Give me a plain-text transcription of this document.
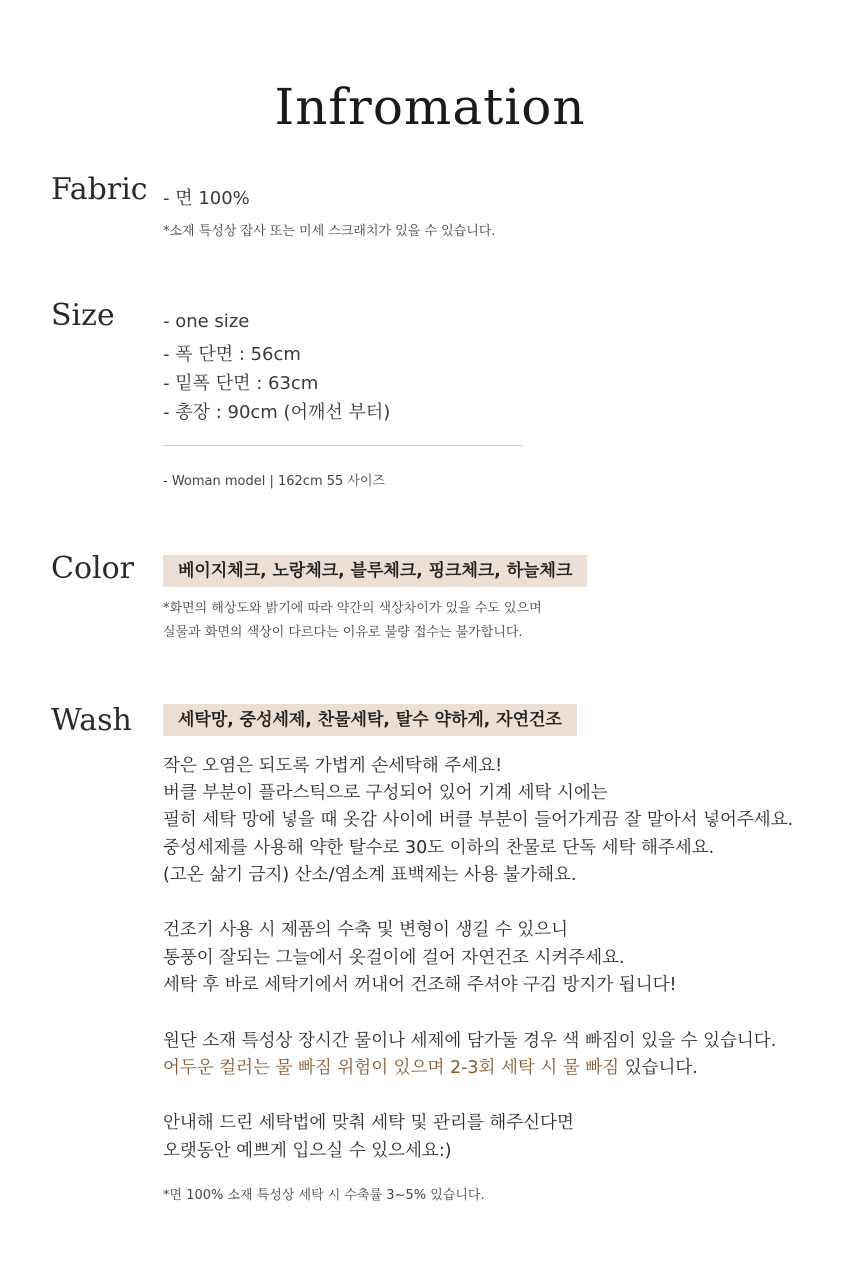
Infromation
Fabric - 면 100%
*소재 특성상 잡사 또는 미세 스크래치가 있을 수 있습니다.
Size	- one size
- 폭 단면 : 56cm
- 밑폭 단면 : 63cm
- 총장 : 90cm (어깨선 부터)
- Woman model | 162cm 55 사이즈
Color	베이지체크, 노랑체크, 블루체크, 핑크체크, 하늘체크
*화면의 해상도와 밝기에 따라 약간의 색상차이가 있을 수도 있으며
실물과 화면의 색상이 다르다는 이유로 불량 접수는 불가합니다.
Wash	세탁망, 중성세제, 찬물세탁, 탈수 약하게, 자연건조
작은 오염은 되도록 가볍게 손세탁해 주세요!
버클 부분이 플라스틱으로 구성되어 있어 기계 세탁 시에는
필히 세탁 망에 넣을 때 옷감 사이에 버클 부분이 들어가게끔 잘 말아서 넣어주세요.
중성세제를 사용해 약한 탈수로 30도 이하의 찬물로 단독 세탁 해주세요.
(고온 삶기 금지) 산소/염소계 표백제는 사용 불가해요.
건조기 사용 시 제품의 수축 및 변형이 생길 수 있으니
통풍이 잘되는 그늘에서 옷걸이에 걸어 자연건조 시켜주세요.
세탁 후 바로 세탁기에서 꺼내어 건조해 주셔야 구김 방지가 됩니다!
원단 소재 특성상 장시간 물이나 세제에 담가둘 경우 색 빠짐이 있을 수 있습니다.
어두운 컬러는 물 빠짐 위험이 있으며 2-3회 세탁 시 물 빠짐 있습니다.
안내해 드린 세탁법에 맞춰 세탁 및 관리를 해주신다면
오랫동안 예쁘게 입으실 수 있으세요:)
*면 100% 소재 특성상 세탁 시 수축률 3~5% 있습니다.
